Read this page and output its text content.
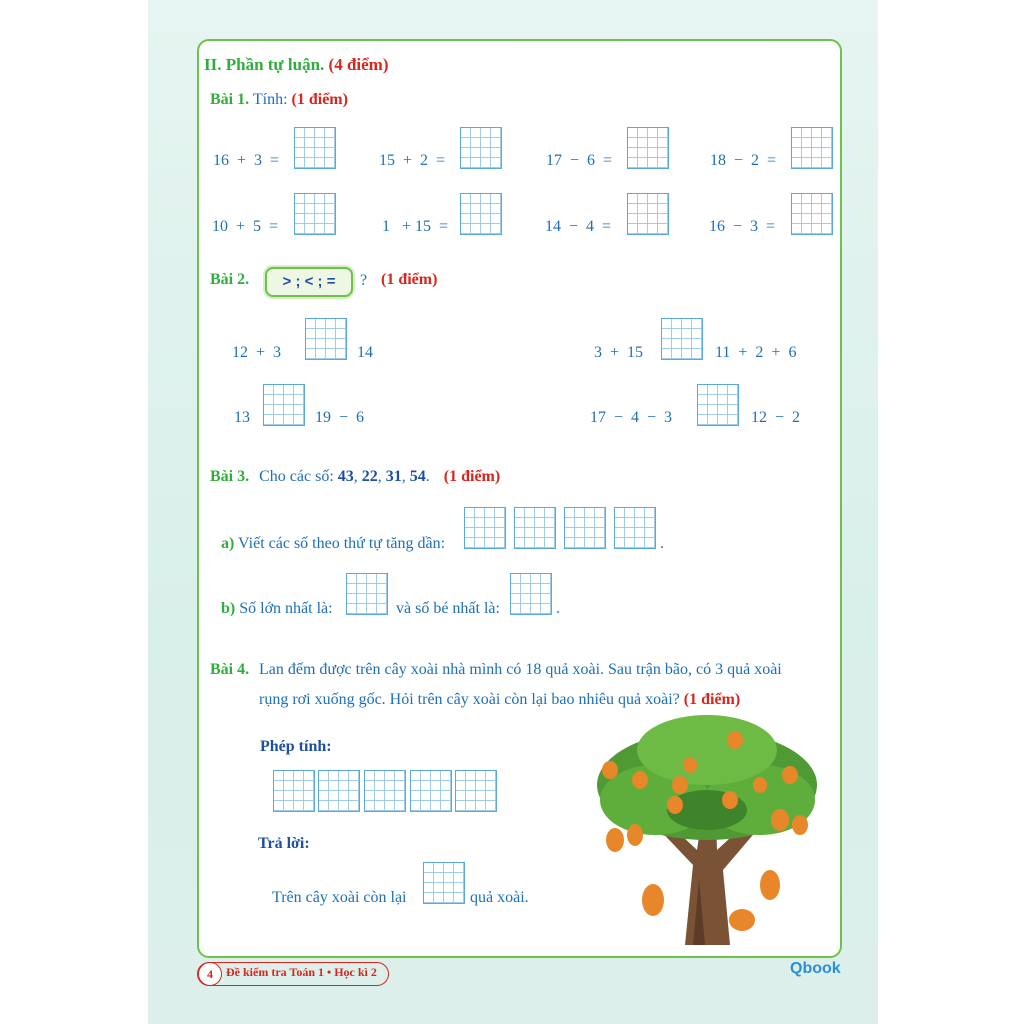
II. Phần tự luận. (4 điểm)
Bài 1. Tính: (1 điểm)
16  +  3  =	15  +  2  =	17  −  6  =	18  −  2  =
10  +  5  =	1   + 15  =	14  −  4  =	16  −  3  =
Bài 2.	> ; < ; =	? (1 điểm)
12  +  3	14	3  +  15	11  +  2  +  6
13	19  −  6	17  −  4  −  3	12  −  2
Bài 3. Cho các số: 43, 22, 31, 54. (1 điểm)
a) Viết các số theo thứ tự tăng dần:	.
b) Số lớn nhất là:	và số bé nhất là:	.
Bài 4. Lan đếm được trên cây xoài nhà mình có 18 quả xoài. Sau trận bão, có 3 quả xoài
rụng rơi xuống gốc. Hỏi trên cây xoài còn lại bao nhiêu quả xoài? (1 điểm)
Phép tính:
Trả lời:
Trên cây xoài còn lại	quả xoài.
4	Đề kiểm tra Toán 1 • Học kì 2	Qbook
